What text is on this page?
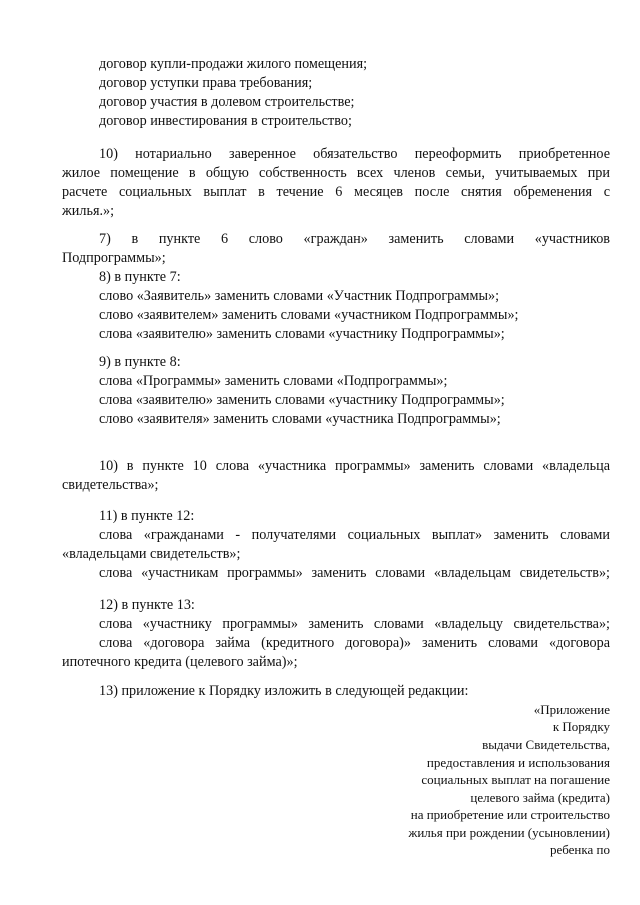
договор купли-продажи жилого помещения;
договор уступки права требования;
договор участия в долевом строительстве;
договор инвестирования в строительство;
10) нотариально заверенное обязательство переоформить приобретенное
жилое помещение в общую собственность всех членов семьи, учитываемых при
расчете социальных выплат в течение 6 месяцев после снятия обременения с
жилья.»;
7) в пункте 6 слово «граждан» заменить словами «участников
Подпрограммы»;
8) в пункте 7:
слово «Заявитель» заменить словами «Участник Подпрограммы»;
слово «заявителем» заменить словами «участником Подпрограммы»;
слова «заявителю» заменить словами «участнику Подпрограммы»;
9) в пункте 8:
слова «Программы» заменить словами «Подпрограммы»;
слова «заявителю» заменить словами «участнику Подпрограммы»;
слово «заявителя» заменить словами «участника Подпрограммы»;
10) в пункте 10 слова «участника программы» заменить словами «владельца
свидетельства»;
11) в пункте 12:
слова «гражданами - получателями социальных выплат» заменить словами
«владельцами свидетельств»;
слова «участникам программы» заменить словами «владельцам свидетельств»;
12) в пункте 13:
слова «участнику программы» заменить словами «владельцу свидетельства»;
слова «договора займа (кредитного договора)» заменить словами «договора
ипотечного кредита (целевого займа)»;
13) приложение к Порядку изложить в следующей редакции:
«Приложение
к Порядку
выдачи Свидетельства,
предоставления и использования
социальных выплат на погашение
целевого займа (кредита)
на приобретение или строительство
жилья при рождении (усыновлении)
ребенка по
